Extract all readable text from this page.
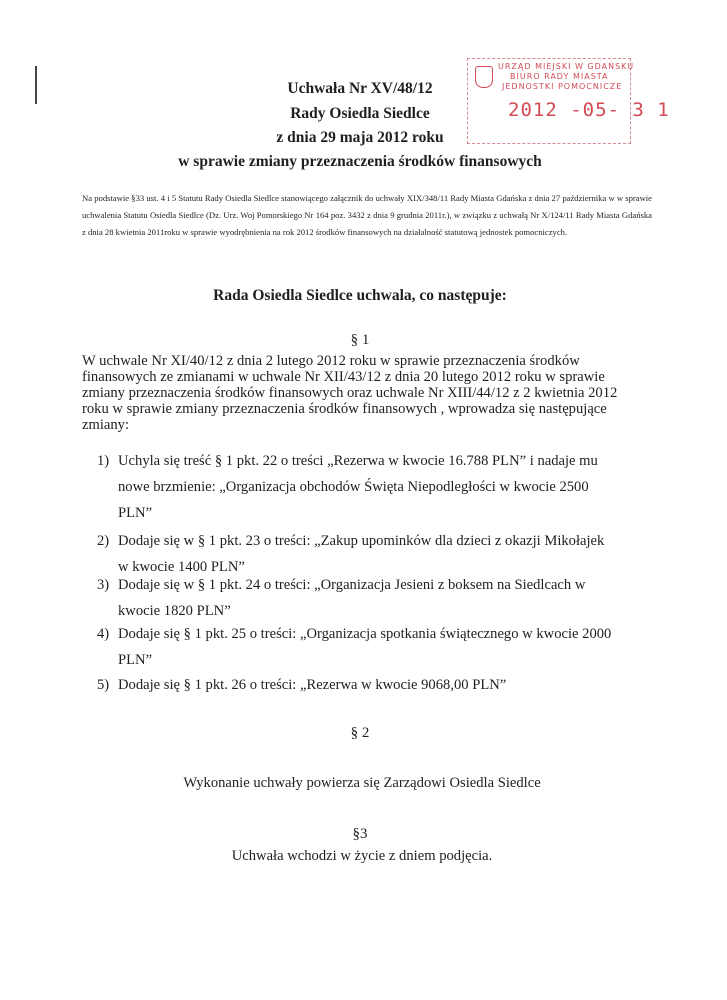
Uchwała Nr XV/48/12
Rady Osiedla Siedlce
z dnia 29 maja 2012 roku
w sprawie zmiany przeznaczenia środków finansowych
URZĄD MIEJSKI W GDAŃSKU
BIURO RADY MIASTA
JEDNOSTKI POMOCNICZE
2012 -05- 3 1
Na podstawie §33 ust. 4 i 5 Statutu Rady Osiedla Siedlce stanowiącego załącznik do uchwały XIX/348/11 Rady Miasta Gdańska z dnia 27 października w w sprawie uchwalenia Statutu Osiedla Siedlce (Dz. Urz. Woj Pomorskiego Nr 164 poz. 3432 z dnia 9 grudnia 2011r.), w związku z uchwałą Nr X/124/11 Rady Miasta Gdańska z dnia 28 kwietnia 2011roku w sprawie wyodrębnienia na rok 2012 środków finansowych na działalność statutową jednostek pomocniczych.
Rada Osiedla Siedlce uchwala, co następuje:
§ 1
W uchwale Nr XI/40/12 z dnia 2 lutego 2012 roku w sprawie przeznaczenia środków finansowych ze zmianami w uchwale Nr XII/43/12 z dnia 20 lutego 2012 roku w sprawie zmiany przeznaczenia środków finansowych oraz uchwale Nr XIII/44/12 z 2 kwietnia 2012 roku w sprawie zmiany przeznaczenia środków finansowych , wprowadza się następujące zmiany:
1) Uchyla się treść § 1 pkt. 22 o treści „Rezerwa w kwocie 16.788 PLN” i nadaje mu nowe brzmienie: „Organizacja obchodów Święta Niepodległości w kwocie 2500 PLN”
2) Dodaje się w § 1 pkt. 23 o treści: „Zakup upominków dla dzieci z okazji Mikołajek w kwocie 1400 PLN”
3) Dodaje się w § 1 pkt. 24 o treści: „Organizacja Jesieni z boksem na Siedlcach w kwocie 1820 PLN”
4) Dodaje się § 1 pkt. 25 o treści: „Organizacja spotkania świątecznego w kwocie 2000 PLN”
5) Dodaje się § 1 pkt. 26 o treści: „Rezerwa w kwocie 9068,00 PLN”
§ 2
Wykonanie uchwały powierza się Zarządowi Osiedla Siedlce
§3
Uchwała wchodzi w życie z dniem podjęcia.
